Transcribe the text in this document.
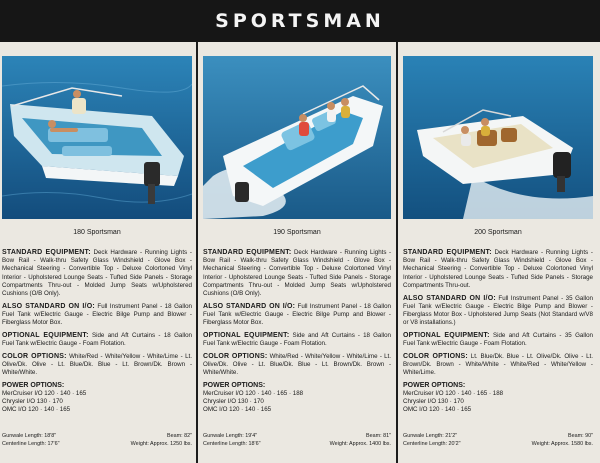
SPORTSMAN
180 Sportsman

STANDARD EQUIPMENT: Deck Hardware - Running Lights - Bow Rail - Walk-thru Safety Glass Windshield - Glove Box - Mechanical Steering - Convertible Top - Deluxe Colortoned Vinyl Interior - Upholstered Lounge Seats - Tufted Side Panels - Storage Compartments Thru-out - Molded Jump Seats w/Upholstered Cushions (O/B Only).

ALSO STANDARD ON I/O: Full Instrument Panel - 18 Gallon Fuel Tank w/Electric Gauge - Electric Bilge Pump and Blower - Fiberglass Motor Box.

OPTIONAL EQUIPMENT: Side and Aft Curtains - 18 Gallon Fuel Tank w/Electric Gauge - Foam Flotation.

COLOR OPTIONS: White/Red - White/Yellow - White/Lime - Lt. Olive/Dk. Olive - Lt. Blue/Dk. Blue - Lt. Brown/Dk. Brown - White/White.

POWER OPTIONS:
MerCruiser I/O 120 · 140 · 165
Chrysler I/O 130 · 170
OMC I/O 120 · 140 · 165

Gunwale Length: 18'8"	Beam: 82"
Centerline Length: 17'6"	Weight: Approx. 1250 lbs.
190 Sportsman

STANDARD EQUIPMENT: Deck Hardware - Running Lights - Bow Rail - Walk-thru Safety Glass Windshield - Glove Box - Mechanical Steering - Convertible Top - Deluxe Colortoned Vinyl Interior - Upholstered Lounge Seats - Tufted Side Panels - Storage Compartments Thru-out - Molded Jump Seats w/Upholstered Cushions (O/B Only).

ALSO STANDARD ON I/O: Full Instrument Panel - 18 Gallon Fuel Tank w/Electric Gauge - Electric Bilge Pump and Blower - Fiberglass Motor Box.

OPTIONAL EQUIPMENT: Side and Aft Curtains - 18 Gallon Fuel Tank w/Electric Gauge - Foam Flotation.

COLOR OPTIONS: White/Red - White/Yellow - White/Lime - Lt. Olive/Dk. Olive - Lt. Blue/Dk. Blue - Lt. Brown/Dk. Brown - White/White.

POWER OPTIONS:
MerCruiser I/O 120 · 140 · 165 · 188
Chrysler I/O 130 · 170
OMC I/O 120 · 140 · 165

Gunwale Length: 19'4"	Beam: 81"
Centerline Length: 18'6"	Weight: Approx. 1400 lbs.
200 Sportsman

STANDARD EQUIPMENT: Deck Hardware - Running Lights - Bow Rail - Walk-thru Safety Glass Windshield - Glove Box - Mechanical Steering - Convertible Top - Deluxe Colortoned Vinyl Interior - Upholstered Lounge Seats - Tufted Side Panels - Storage Compartments Thru-out.

ALSO STANDARD ON I/O: Full Instrument Panel - 35 Gallon Fuel Tank w/Electric Gauge - Electric Bilge Pump and Blower - Fiberglass Motor Box - Upholstered Jump Seats (Not Standard w/V8 or V8 installations.)

OPTIONAL EQUIPMENT: Side and Aft Curtains - 35 Gallon Fuel Tank w/Electric Gauge - Foam Flotation.

COLOR OPTIONS: Lt. Blue/Dk. Blue - Lt. Olive/Dk. Olive - Lt. Brown/Dk. Brown - White/White - White/Red - White/Yellow - White/Lime.

POWER OPTIONS:
MerCruiser I/O 120 · 140 · 165 · 188
Chrysler I/O 130 · 170
OMC I/O 120 · 140 · 165

Gunwale Length: 21'2"	Beam: 90"
Centerline Length: 20'2"	Weight: Approx. 1580 lbs.
